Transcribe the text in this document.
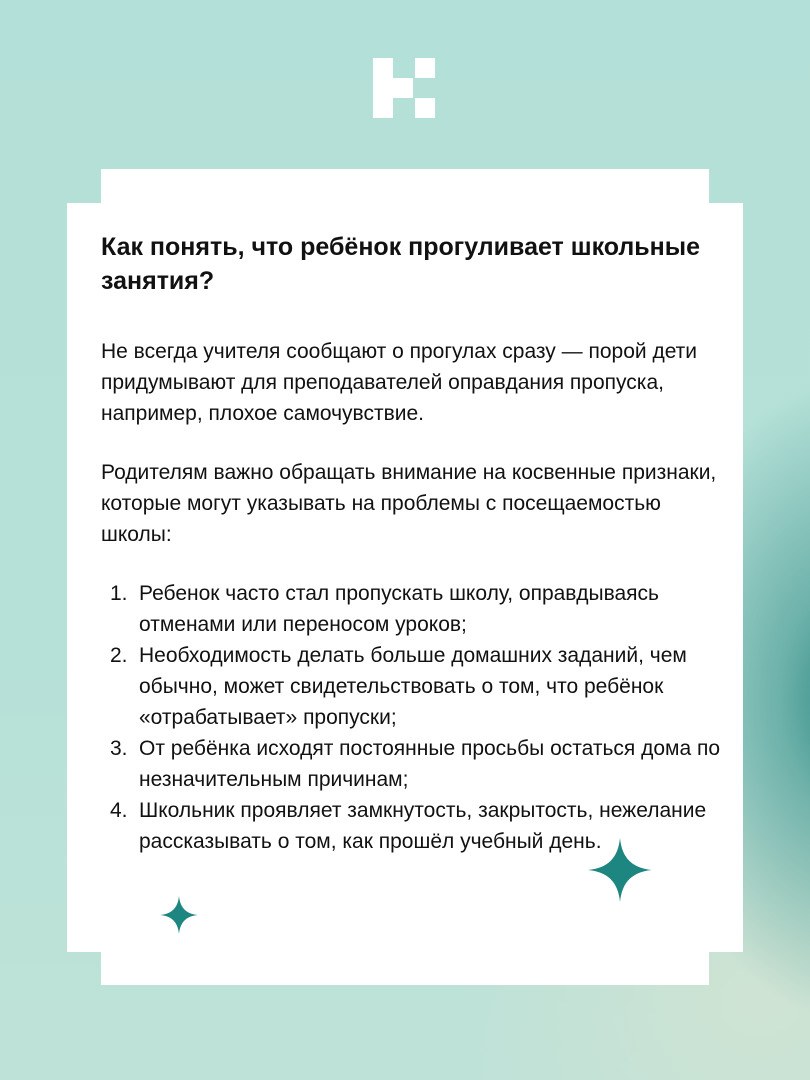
Как понять, что ребёнок прогуливает школьные занятия?

Не всегда учителя сообщают о прогулах сразу — порой дети придумывают для преподавателей оправдания пропуска, например, плохое самочувствие.

Родителям важно обращать внимание на косвенные признаки, которые могут указывать на проблемы с посещаемостью школы:

1. Ребенок часто стал пропускать школу, оправдываясь отменами или переносом уроков;
2. Необходимость делать больше домашних заданий, чем обычно, может свидетельствовать о том, что ребёнок «отрабатывает» пропуски;
3. От ребёнка исходят постоянные просьбы остаться дома по незначительным причинам;
4. Школьник проявляет замкнутость, закрытость, нежелание рассказывать о том, как прошёл учебный день.
